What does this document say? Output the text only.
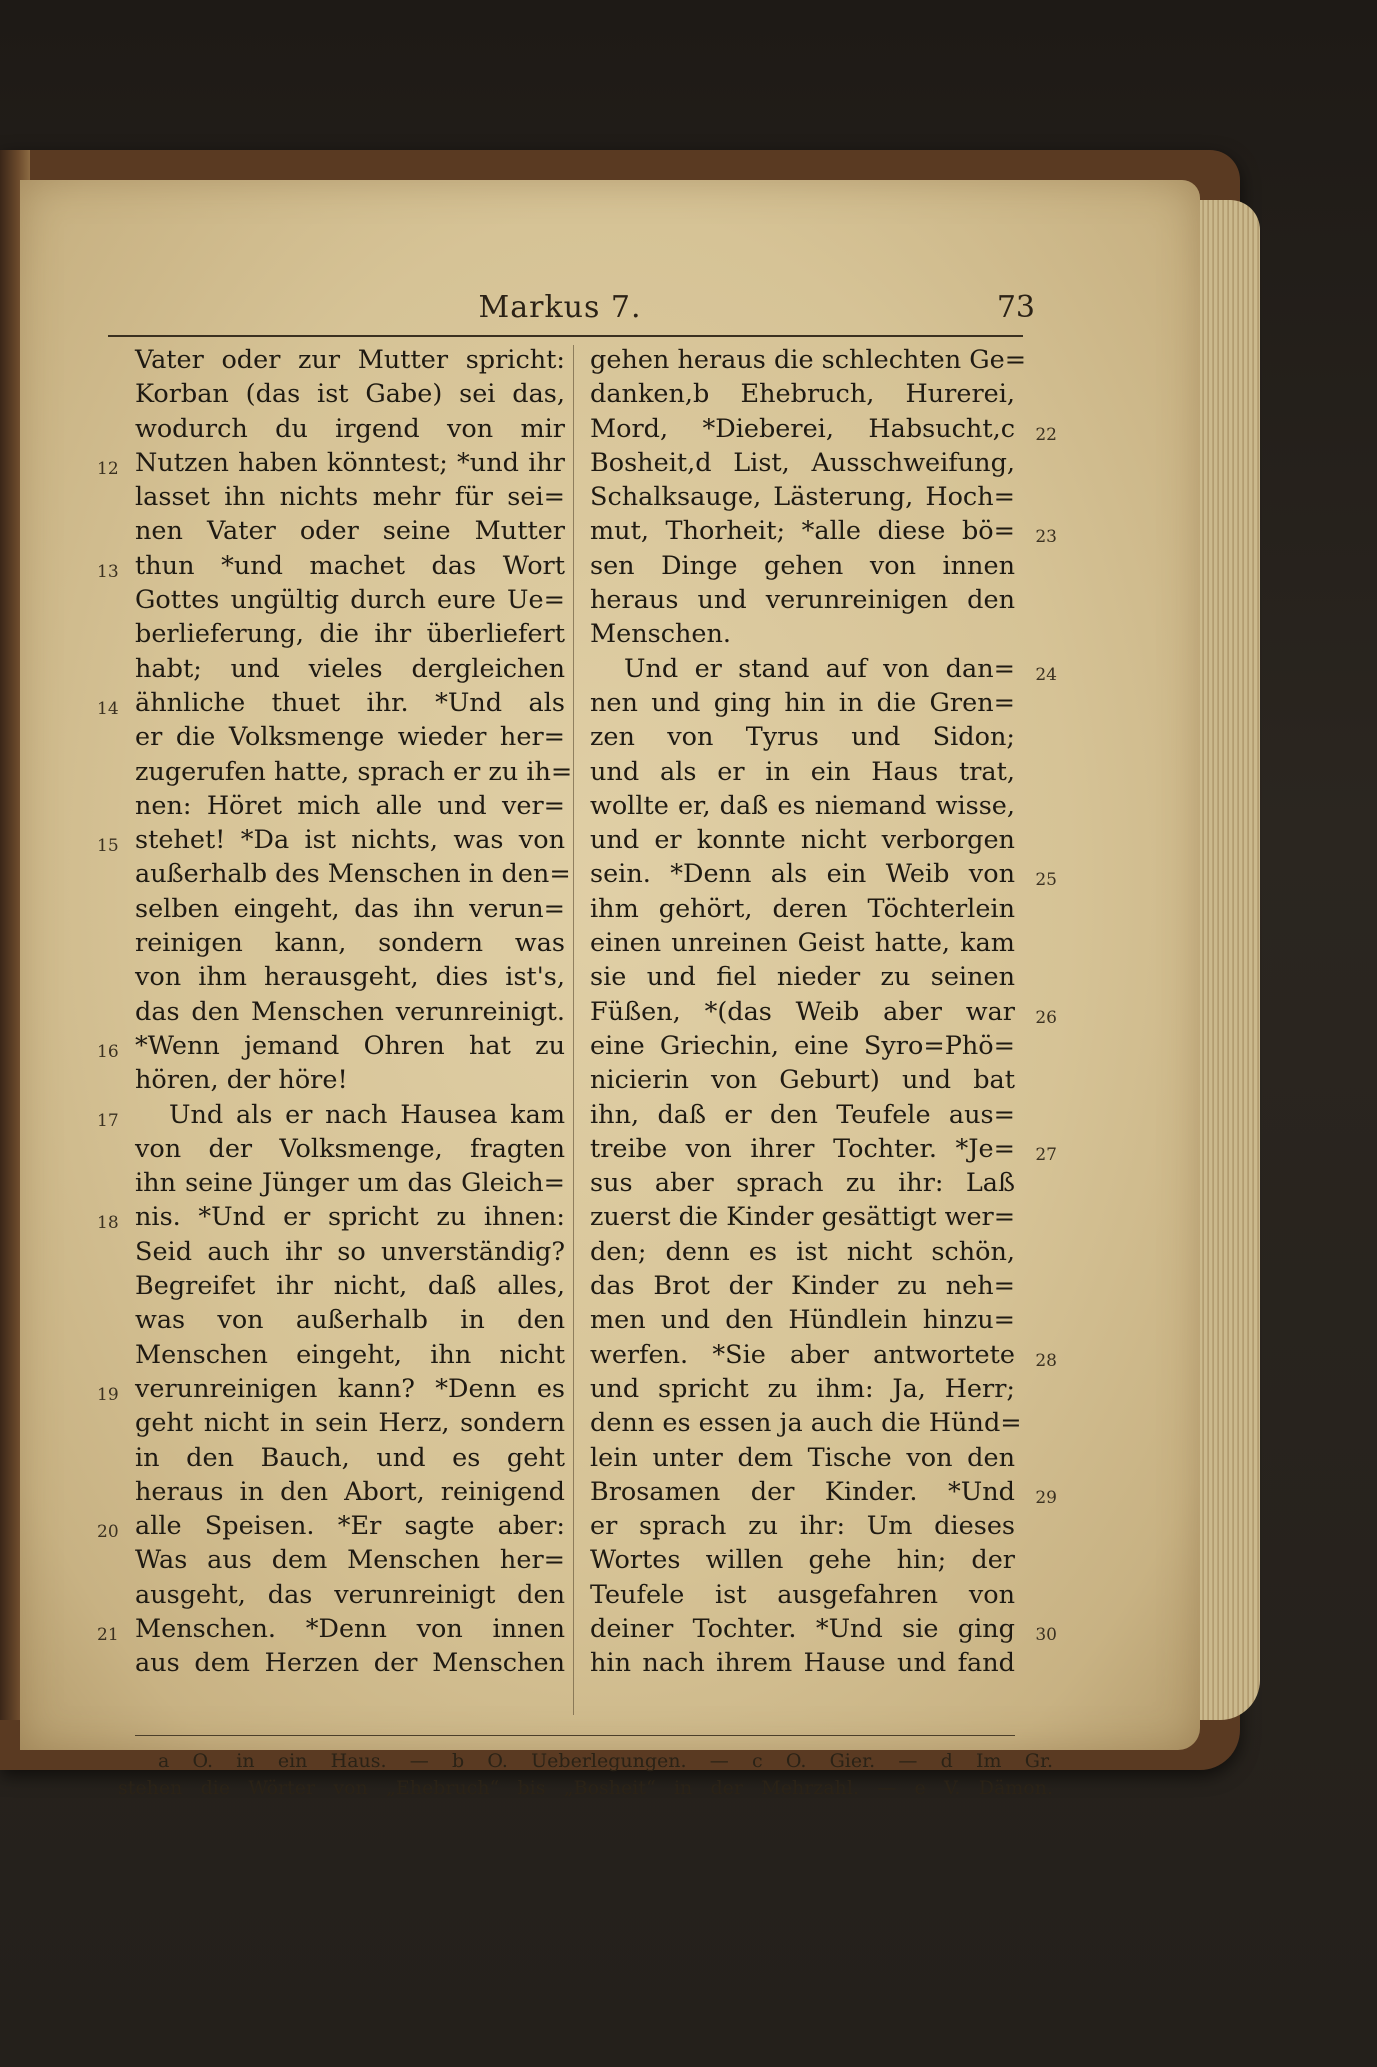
Markus 7.	73
Vater oder zur Mutter spricht:
Korban (das ist Gabe) sei das,
wodurch du irgend von mir
Nutzen haben könntest; *und ihr
12
lasset ihn nichts mehr für sei=
nen Vater oder seine Mutter
thun *und machet das Wort
13
Gottes ungültig durch eure Ue=
berlieferung, die ihr überliefert
habt; und vieles dergleichen
ähnliche thuet ihr. *Und als
14
er die Volksmenge wieder her=
zugerufen hatte, sprach er zu ih=
nen: Höret mich alle und ver=
stehet! *Da ist nichts, was von
15
außerhalb des Menschen in den=
selben eingeht, das ihn verun=
reinigen kann, sondern was
von ihm herausgeht, dies ist's,
das den Menschen verunreinigt.
*Wenn jemand Ohren hat zu
16
hören, der höre!
Und als er nach Hausea kam
17
von der Volksmenge, fragten
ihn seine Jünger um das Gleich=
nis. *Und er spricht zu ihnen:
18
Seid auch ihr so unverständig?
Begreifet ihr nicht, daß alles,
was von außerhalb in den
Menschen eingeht, ihn nicht
verunreinigen kann? *Denn es
19
geht nicht in sein Herz, sondern
in den Bauch, und es geht
heraus in den Abort, reinigend
alle Speisen. *Er sagte aber:
20
Was aus dem Menschen her=
ausgeht, das verunreinigt den
Menschen. *Denn von innen
21
aus dem Herzen der Menschen
gehen heraus die schlechten Ge=
danken,b Ehebruch, Hurerei,
Mord, *Dieberei, Habsucht,c 22
Bosheit,d List, Ausschweifung,
Schalksauge, Lästerung, Hoch=
mut, Thorheit; *alle diese bö= 23
sen Dinge gehen von innen
heraus und verunreinigen den
Menschen.
Und er stand auf von dan= 24
nen und ging hin in die Gren=
zen von Tyrus und Sidon;
und als er in ein Haus trat,
wollte er, daß es niemand wisse,
und er konnte nicht verborgen
sein. *Denn als ein Weib von 25
ihm gehört, deren Töchterlein
einen unreinen Geist hatte, kam
sie und fiel nieder zu seinen
Füßen, *(das Weib aber war 26
eine Griechin, eine Syro=Phö=
nicierin von Geburt) und bat
ihn, daß er den Teufele aus=
treibe von ihrer Tochter. *Je= 27
sus aber sprach zu ihr: Laß
zuerst die Kinder gesättigt wer=
den; denn es ist nicht schön,
das Brot der Kinder zu neh=
men und den Hündlein hinzu=
werfen. *Sie aber antwortete 28
und spricht zu ihm: Ja, Herr;
denn es essen ja auch die Hünd=
lein unter dem Tische von den
Brosamen der Kinder. *Und 29
er sprach zu ihr: Um dieses
Wortes willen gehe hin; der
Teufele ist ausgefahren von
deiner Tochter. *Und sie ging 30
hin nach ihrem Hause und fand
a O. in ein Haus. — b O. Ueberlegungen. — c O. Gier. — d Im Gr.
stehen die Wörter von „Ehebruch“ bis „Bosheit“ in der Mehrzahl. — e V. Dämon.
